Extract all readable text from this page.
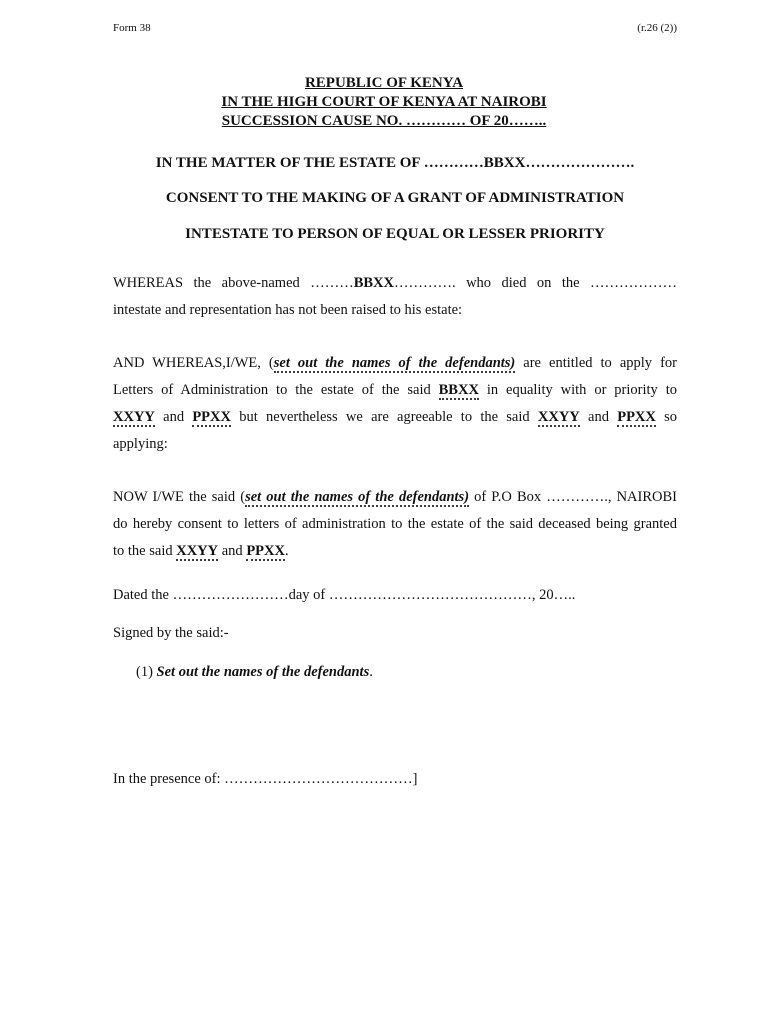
Form 38	(r.26 (2))
REPUBLIC OF KENYA
IN THE HIGH COURT OF KENYA AT NAIROBI
SUCCESSION CAUSE NO. ………… OF 20……..
IN THE MATTER OF THE ESTATE OF …………BBXX………………….
CONSENT TO THE MAKING OF A GRANT OF ADMINISTRATION
INTESTATE TO PERSON OF EQUAL OR LESSER PRIORITY
WHEREAS the above-named ………BBXX…………. who died on the ………………
intestate and representation has not been raised to his estate:
AND WHEREAS,I/WE, (set out the names of the defendants) are entitled to apply for
Letters of Administration to the estate of the said BBXX in equality with or priority to
XXYY and PPXX but nevertheless we are agreeable to the said XXYY and PPXX so
applying:
NOW I/WE the said (set out the names of the defendants) of P.O Box …………., NAIROBI
do hereby consent to letters of administration to the estate of the said deceased being granted
to the said XXYY and PPXX.
Dated the ……………………day of ……………………………………, 20…..
Signed by the said:-
(1) Set out the names of the defendants.
In the presence of: …………………………………]
